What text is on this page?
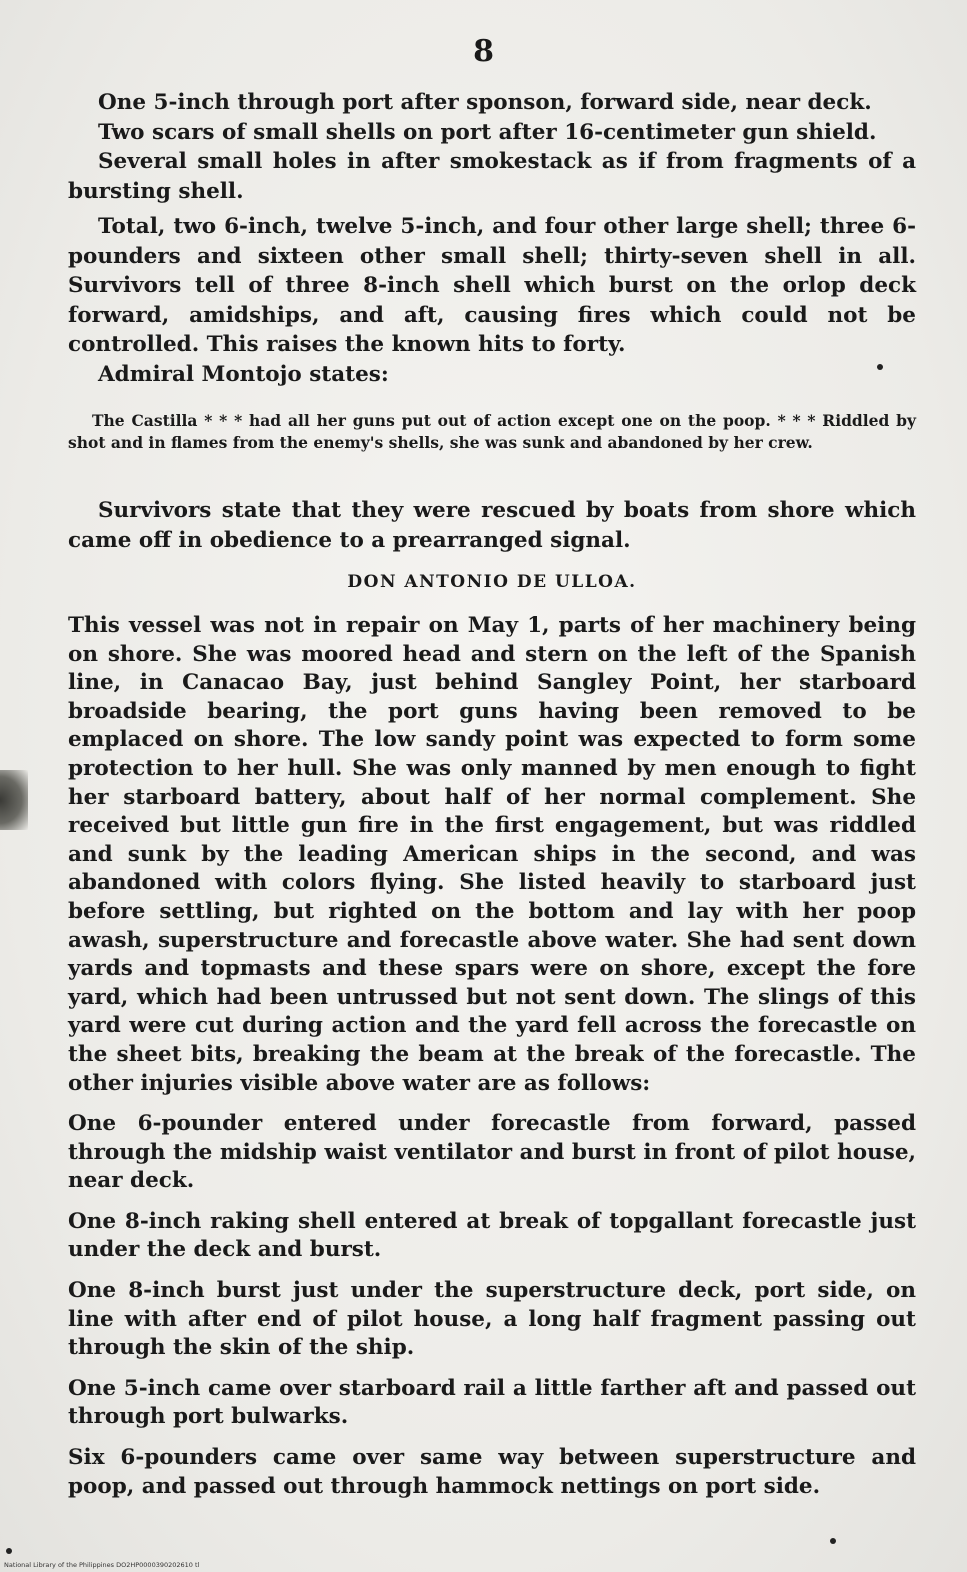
8

One 5-inch through port after sponson, forward side, near deck.

Two scars of small shells on port after 16-centimeter gun shield.

Several small holes in after smokestack as if from fragments of a bursting shell.

Total, two 6-inch, twelve 5-inch, and four other large shell; three 6-pounders and sixteen other small shell; thirty-seven shell in all. Survivors tell of three 8-inch shell which burst on the orlop deck forward, amidships, and aft, causing fires which could not be controlled. This raises the known hits to forty.

Admiral Montojo states:

The Castilla * * * had all her guns put out of action except one on the poop. * * * Riddled by shot and in flames from the enemy's shells, she was sunk and abandoned by her crew.

Survivors state that they were rescued by boats from shore which came off in obedience to a prearranged signal.

DON ANTONIO DE ULLOA.

This vessel was not in repair on May 1, parts of her machinery being on shore. She was moored head and stern on the left of the Spanish line, in Canacao Bay, just behind Sangley Point, her starboard broadside bearing, the port guns having been removed to be emplaced on shore. The low sandy point was expected to form some protection to her hull. She was only manned by men enough to fight her starboard battery, about half of her normal complement. She received but little gun fire in the first engagement, but was riddled and sunk by the leading American ships in the second, and was abandoned with colors flying. She listed heavily to starboard just before settling, but righted on the bottom and lay with her poop awash, superstructure and forecastle above water. She had sent down yards and topmasts and these spars were on shore, except the fore yard, which had been untrussed but not sent down. The slings of this yard were cut during action and the yard fell across the forecastle on the sheet bits, breaking the beam at the break of the forecastle. The other injuries visible above water are as follows:

One 6-pounder entered under forecastle from forward, passed through the midship waist ventilator and burst in front of pilot house, near deck.

One 8-inch raking shell entered at break of topgallant forecastle just under the deck and burst.

One 8-inch burst just under the superstructure deck, port side, on line with after end of pilot house, a long half fragment passing out through the skin of the ship.

One 5-inch came over starboard rail a little farther aft and passed out through port bulwarks.

Six 6-pounders came over same way between superstructure and poop, and passed out through hammock nettings on port side.

National Library of the Philippines DO2HP0000390202610 tl
